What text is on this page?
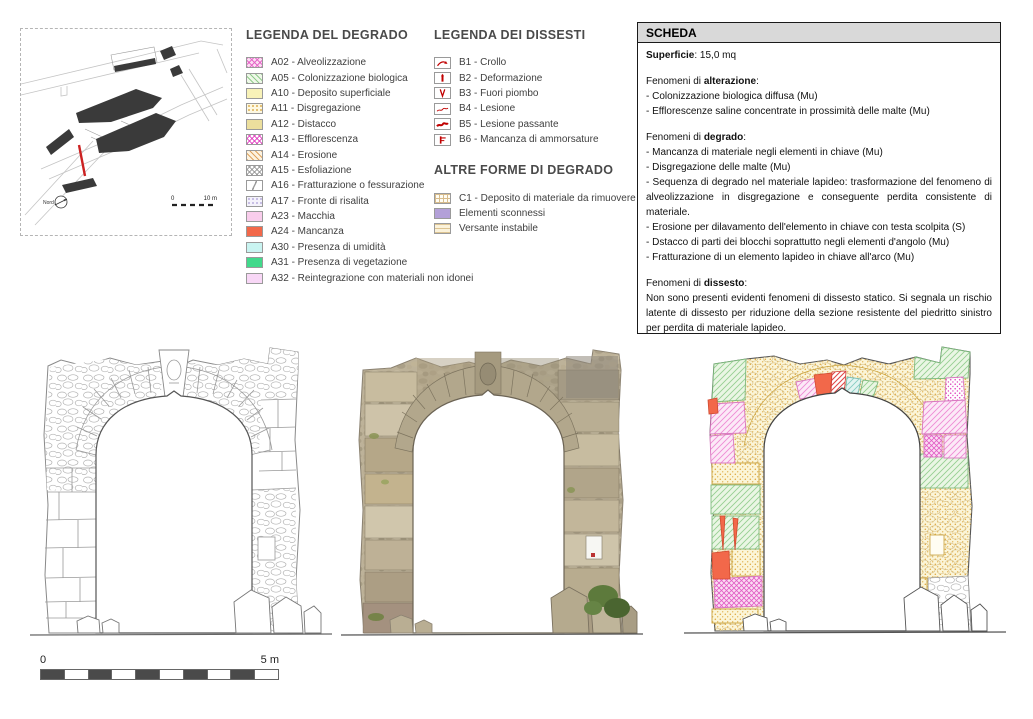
Nord
0	10 m
LEGENDA DEL DEGRADO
A02 - Alveolizzazione
A05 - Colonizzazione biologica
A10 - Deposito superficiale
A11 - Disgregazione
A12 - Distacco
A13 - Efflorescenza
A14 - Erosione
A15 - Esfoliazione
A16 - Fratturazione o fessurazione
A17 - Fronte di risalita
A23 - Macchia
A24 - Mancanza
A30 - Presenza di umidità
A31 - Presenza di vegetazione
A32 - Reintegrazione con materiali non idonei
LEGENDA DEI DISSESTI
B1 - Crollo
B2 - Deformazione
B3 - Fuori piombo
B4 - Lesione
B5 - Lesione passante
B6 - Mancanza di ammorsature
ALTRE FORME DI DEGRADO
C1 - Deposito di materiale da rimuovere
Elementi sconnessi
Versante instabile
SCHEDA
Superficie: 15,0 mq
Fenomeni di alterazione:
- Colonizzazione biologica diffusa (Mu)
- Efflorescenze saline concentrate in prossimità delle malte (Mu)
Fenomeni di degrado:
- Mancanza di materiale negli elementi in chiave (Mu)
- Disgregazione delle malte (Mu)
- Sequenza di degrado nel materiale lapideo: trasformazione del fenomeno di alveolizzazione in disgregazione e conseguente perdita consistente di materiale.
- Erosione per dilavamento dell'elemento in chiave con testa scolpita (S)
- Dstacco di parti dei blocchi soprattutto negli elementi d'angolo (Mu)
- Fratturazione di un elemento lapideo in chiave all'arco (Mu)
Fenomeni di dissesto:
Non sono presenti evidenti fenomeni di dissesto statico. Si segnala un rischio latente di dissesto per riduzione della sezione resistente del piedritto sinistro per perdita di materiale lapideo.
0	5 m
